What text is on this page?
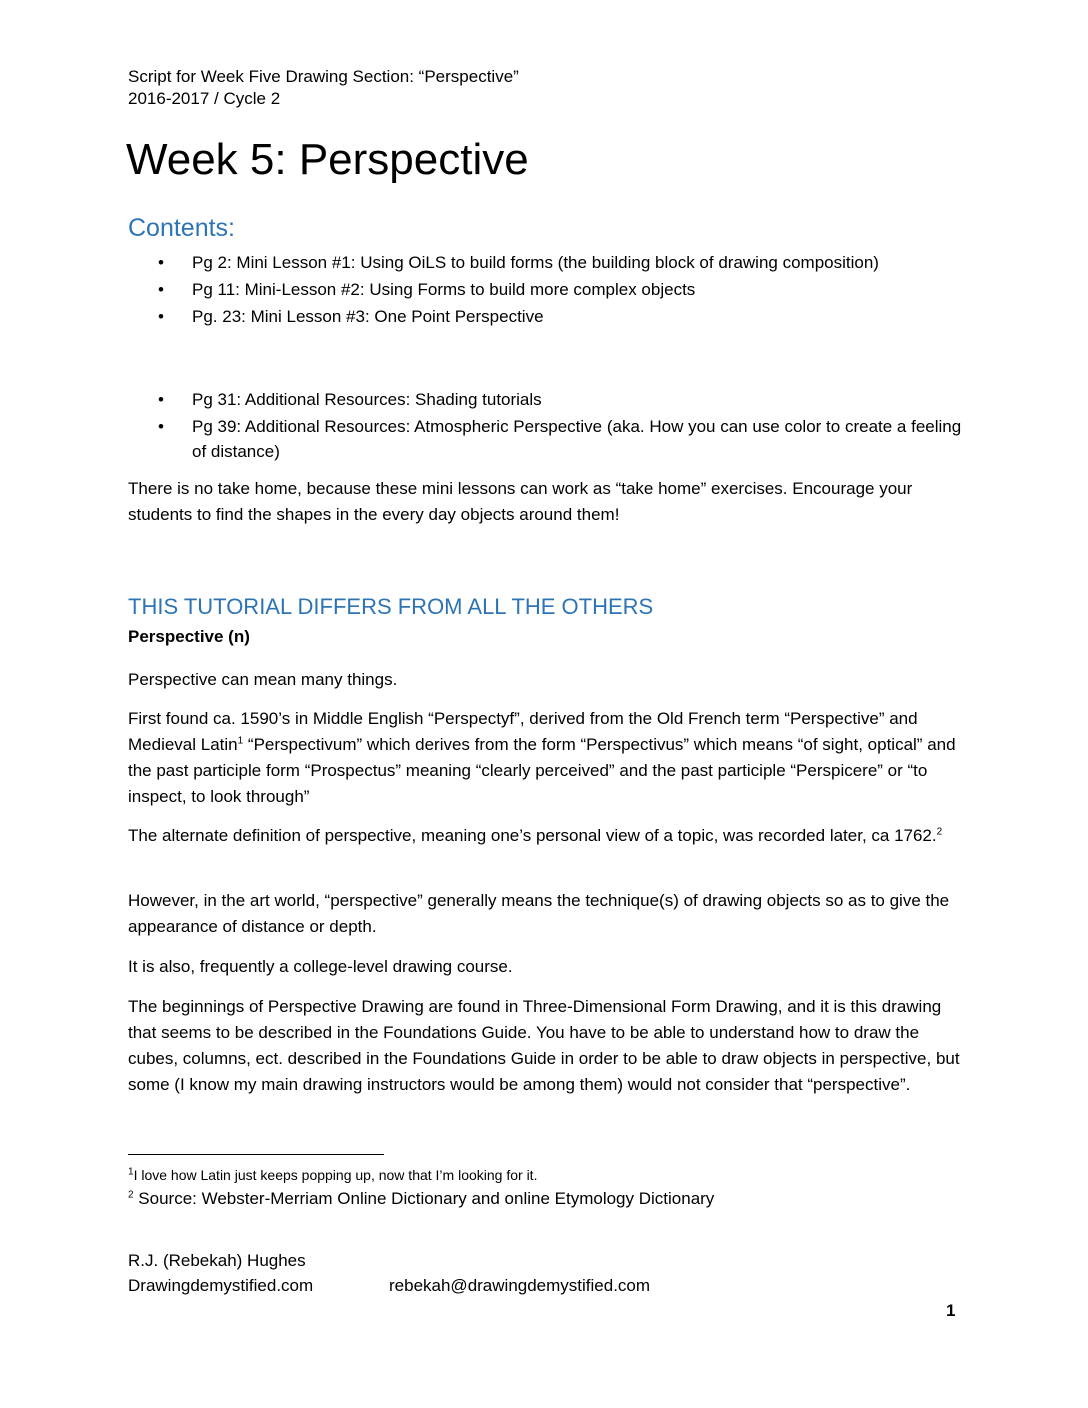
Script for Week Five Drawing Section: “Perspective”
2016-2017 / Cycle 2
Week 5: Perspective
Contents:
• Pg 2: Mini Lesson #1: Using OiLS to build forms (the building block of drawing composition)
• Pg 11: Mini-Lesson #2: Using Forms to build more complex objects
• Pg. 23: Mini Lesson #3: One Point Perspective
• Pg 31: Additional Resources: Shading tutorials
• Pg 39: Additional Resources: Atmospheric Perspective (aka. How you can use color to create a feeling of distance)

There is no take home, because these mini lessons can work as “take home” exercises. Encourage your students to find the shapes in the every day objects around them!

THIS TUTORIAL DIFFERS FROM ALL THE OTHERS

Perspective (n)

Perspective can mean many things.

First found ca. 1590’s in Middle English “Perspectyf”, derived from the Old French term “Perspective” and Medieval Latin$^1$ “Perspectivum” which derives from the form “Perspectivus” which means “of sight, optical” and the past participle form “Prospectus” meaning “clearly perceived” and the past participle “Perspicere” or “to inspect, to look through”

The alternate definition of perspective, meaning one’s personal view of a topic, was recorded later, ca 1762.$^2$

However, in the art world, “perspective” generally means the technique(s) of drawing objects so as to give the appearance of distance or depth.

It is also, frequently a college-level drawing course.

The beginnings of Perspective Drawing are found in Three-Dimensional Form Drawing, and it is this drawing that seems to be described in the Foundations Guide. You have to be able to understand how to draw the cubes, columns, ect. described in the Foundations Guide in order to be able to draw objects in perspective, but some (I know my main drawing instructors would be among them) would not consider that “perspective”.

$^1$I love how Latin just keeps popping up, now that I’m looking for it.
$^2$ Source: Webster-Merriam Online Dictionary and online Etymology Dictionary
R.J. (Rebekah) Hughes
Drawingdemystified.com	rebekah@drawingdemystified.com
1
